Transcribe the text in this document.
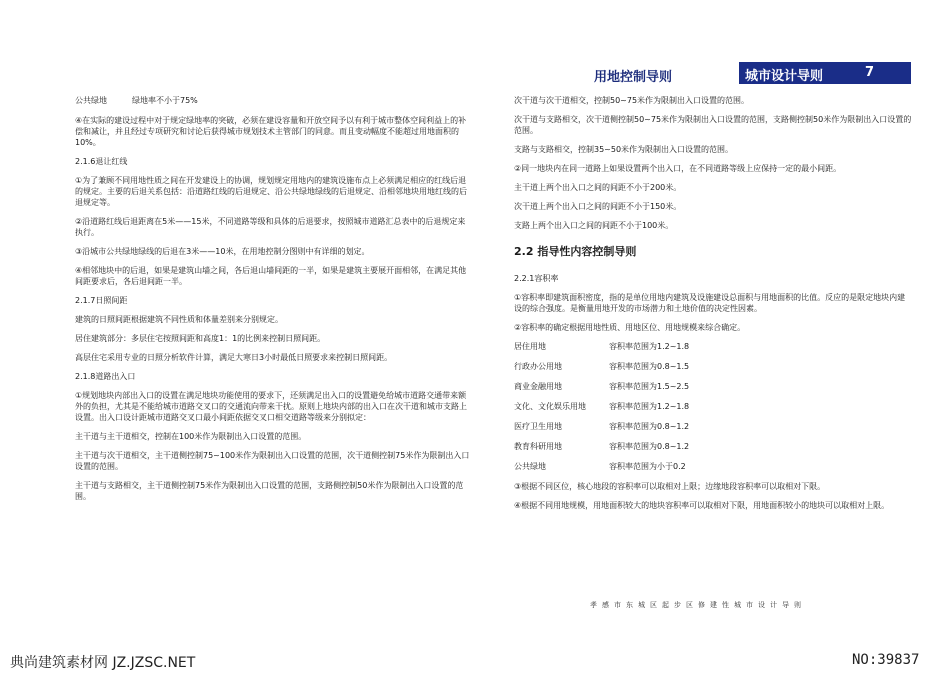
用地控制导则	城市设计导则	7
公共绿地	绿地率不小于75%

④在实际的建设过程中对于规定绿地率的突破，必须在建设容量和开放空间予以有利于城市整体空间利益上的补偿和减让，并且经过专项研究和讨论后获得城市规划技术主管部门的同意。而且变动幅度不能超过用地面积的10%。

2.1.6退让红线

①为了兼顾不同用地性质之间在开发建设上的协调，规划规定用地内的建筑设施布点上必须满足相应的红线后退的规定。主要的后退关系包括：沿道路红线的后退规定、沿公共绿地绿线的后退规定、沿相邻地块用地红线的后退规定等。

②沿道路红线后退距离在5米——15米，不同道路等级和具体的后退要求，按照城市道路汇总表中的后退规定来执行。

③沿城市公共绿地绿线的后退在3米——10米，在用地控制分图则中有详细的划定。

④相邻地块中的后退，如果是建筑山墙之间，各后退山墙间距的一半，如果是建筑主要展开面相邻，在满足其他间距要求后，各后退间距一半。

2.1.7日照间距

建筑的日照间距根据建筑不同性质和体量差别来分别规定。

居住建筑部分：多层住宅按照间距和高度1：1的比例来控制日照间距。

高层住宅采用专业的日照分析软件计算，满足大寒日3小时最低日照要求来控制日照间距。

2.1.8道路出入口

①规划地块内部出入口的设置在满足地块功能使用的要求下，还须满足出入口的设置避免给城市道路交通带来额外的负担，尤其是不能给城市道路交叉口的交通流向带来干扰。原则上地块内部的出入口在次干道和城市支路上设置。出入口设计距城市道路交叉口最小间距依据交叉口相交道路等级来分别拟定：

主干道与主干道相交，控制在100米作为限制出入口设置的范围。

主干道与次干道相交，主干道侧控制75~100米作为限制出入口设置的范围，次干道侧控制75米作为限制出入口设置的范围。

主干道与支路相交，主干道侧控制75米作为限制出入口设置的范围，支路侧控制50米作为限制出入口设置的范围。

次干道与次干道相交，控制50~75米作为限制出入口设置的范围。

次干道与支路相交，次干道侧控制50~75米作为限制出入口设置的范围，支路侧控制50米作为限制出入口设置的范围。

支路与支路相交，控制35~50米作为限制出入口设置的范围。

②同一地块内在同一道路上如果设置两个出入口，在不同道路等级上应保持一定的最小间距。

主干道上两个出入口之间的间距不小于200米。

次干道上两个出入口之间的间距不小于150米。

支路上两个出入口之间的间距不小于100米。

2.2 指导性内容控制导则

2.2.1容积率

①容积率即建筑面积密度，指的是单位用地内建筑及设施建设总面积与用地面积的比值。反应的是限定地块内建设的综合强度。是衡量用地开发的市场潜力和土地价值的决定性因素。

②容积率的确定根据用地性质、用地区位、用地规模来综合确定。

居住用地	容积率范围为 1.2~1.8
行政办公用地	容积率范围为 0.8~1.5
商业金融用地	容积率范围为 1.5~2.5
文化、文化娱乐用地	容积率范围为 1.2~1.8
医疗卫生用地	容积率范围为 0.8~1.2
教育科研用地	容积率范围为 0.8~1.2
公共绿地	容积率范围为小于 0.2

③根据不同区位，核心地段的容积率可以取相对上限；边缘地段容积率可以取相对下限。

④根据不同用地规模，用地面积较大的地块容积率可以取相对下限，用地面积较小的地块可以取相对上限。

孝感市东城区起步区修建性城市设计导则
典尚建筑素材网 JZ.JZSC.NET	NO:39837
